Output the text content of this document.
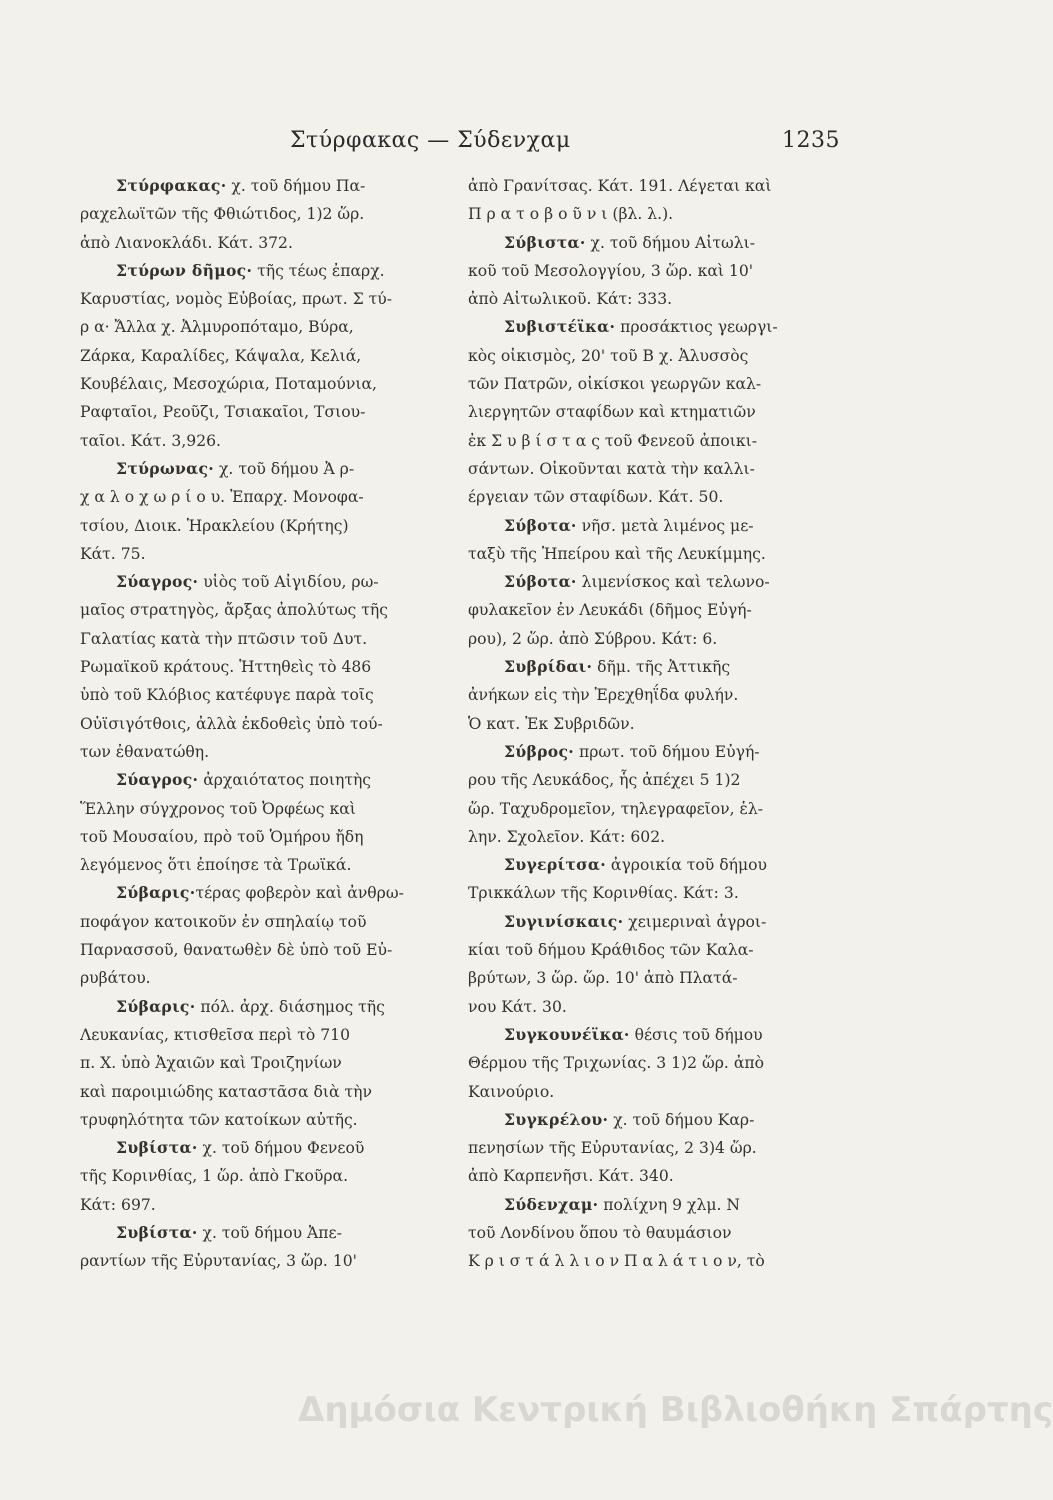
Στύρφακας — Σύδενχαμ	1235
Στύρφακας· χ. τοῦ δήμου Πα-
ραχελωϊτῶν τῆς Φθιώτιδος, 1)2 ὥρ.
ἀπὸ Λιανοκλάδι. Κάτ. 372.
Στύρων δῆμος· τῆς τέως ἐπαρχ.
Καρυστίας, νομὸς Εὐβοίας, πρωτ. Σ τύ-
ρ α· Ἄλλα χ. Ἀλμυροπόταμο, Βύρα,
Ζάρκα, Καραλίδες, Κάψαλα, Κελιά,
Κουβέλαις, Μεσοχώρια, Ποταμούνια,
Ραφταῖοι, Ρεοῦζι, Τσιακαῖοι, Τσιου-
ταῖοι. Κάτ. 3,926.
Στύρωνας· χ. τοῦ δήμου Ἀ ρ-
χ α λ ο χ ω ρ ί ο υ. Ἐπαρχ. Μονοφα-
τσίου, Διοικ. Ἡρακλείου (Κρήτης)
Κάτ. 75.
Σύαγρος· υἱὸς τοῦ Αἰγιδίου, ρω-
μαῖος στρατηγὸς, ἄρξας ἀπολύτως τῆς
Γαλατίας κατὰ τὴν πτῶσιν τοῦ Δυτ.
Ρωμαϊκοῦ κράτους. Ἡττηθεὶς τὸ 486
ὑπὸ τοῦ Κλόβιος κατέφυγε παρὰ τοῖς
Οὐϊσιγότθοις, ἀλλὰ ἐκδοθεὶς ὑπὸ τού-
των ἐθανατώθη.
Σύαγρος· ἀρχαιότατος ποιητὴς
Ἕλλην σύγχρονος τοῦ Ὀρφέως καὶ
τοῦ Μουσαίου, πρὸ τοῦ Ὁμήρου ἤδη
λεγόμενος ὅτι ἐποίησε τὰ Τρωϊκά.
Σύβαρις·τέρας φοβερὸν καὶ ἀνθρω-
ποφάγον κατοικοῦν ἐν σπηλαίῳ τοῦ
Παρνασσοῦ, θανατωθὲν δὲ ὑπὸ τοῦ Εὐ-
ρυβάτου.
Σύβαρις· πόλ. ἀρχ. διάσημος τῆς
Λευκανίας, κτισθεῖσα περὶ τὸ 710
π. Χ. ὑπὸ Ἀχαιῶν καὶ Τροιζηνίων
καὶ παροιμιώδης καταστᾶσα διὰ τὴν
τρυφηλότητα τῶν κατοίκων αὐτῆς.
Συβίστα· χ. τοῦ δήμου Φενεοῦ
τῆς Κορινθίας, 1 ὥρ. ἀπὸ Γκοῦρα.
Κάτ: 697.
Συβίστα· χ. τοῦ δήμου Ἀπε-
ραντίων τῆς Εὐρυτανίας, 3 ὥρ. 10'
ἀπὸ Γρανίτσας. Κάτ. 191. Λέγεται καὶ
Π ρ α τ ο β ο ῦ ν ι (βλ. λ.).
Σύβιστα· χ. τοῦ δήμου Αἰτωλι-
κοῦ τοῦ Μεσολογγίου, 3 ὥρ. καὶ 10'
ἀπὸ Αἰτωλικοῦ. Κάτ: 333.
Συβιστέϊκα· προσάκτιος γεωργι-
κὸς οἰκισμὸς, 20' τοῦ Β χ. Ἀλυσσὸς
τῶν Πατρῶν, οἰκίσκοι γεωργῶν καλ-
λιεργητῶν σταφίδων καὶ κτηματιῶν
ἐκ Σ υ β ί σ τ α ς τοῦ Φενεοῦ ἀποικι-
σάντων. Οἰκοῦνται κατὰ τὴν καλλι-
έργειαν τῶν σταφίδων. Κάτ. 50.
Σύβοτα· νῆσ. μετὰ λιμένος με-
ταξὺ τῆς Ἠπείρου καὶ τῆς Λευκίμμης.
Σύβοτα· λιμενίσκος καὶ τελωνο-
φυλακεῖον ἐν Λευκάδι (δῆμος Εὐγή-
ρου), 2 ὥρ. ἀπὸ Σύβρου. Κάτ: 6.
Συβρίδαι· δῆμ. τῆς Ἀττικῆς
ἀνήκων εἰς τὴν Ἐρεχθηΐδα φυλήν.
Ὁ κατ. Ἐκ Συβριδῶν.
Σύβρος· πρωτ. τοῦ δήμου Εὐγή-
ρου τῆς Λευκάδος, ἧς ἀπέχει 5 1)2
ὥρ. Ταχυδρομεῖον, τηλεγραφεῖον, ἑλ-
λην. Σχολεῖον. Κάτ: 602.
Συγερίτσα· ἀγροικία τοῦ δήμου
Τρικκάλων τῆς Κορινθίας. Κάτ: 3.
Συγινίσκαις· χειμεριναὶ ἀγροι-
κίαι τοῦ δήμου Κράθιδος τῶν Καλα-
βρύτων, 3 ὥρ. ὥρ. 10' ἀπὸ Πλατά-
νου Κάτ. 30.
Συγκουνέϊκα· θέσις τοῦ δήμου
Θέρμου τῆς Τριχωνίας. 3 1)2 ὥρ. ἀπὸ
Καινούριο.
Συγκρέλου· χ. τοῦ δήμου Καρ-
πενησίων τῆς Εὐρυτανίας, 2 3)4 ὥρ.
ἀπὸ Καρπενῆσι. Κάτ. 340.
Σύδενχαμ· πολίχνη 9 χλμ. Ν
τοῦ Λονδίνου ὅπου τὸ θαυμάσιον
Κ ρ ι σ τ ά λ λ ι ο ν Π α λ ά τ ι ο ν, τὸ
Δημόσια Κεντρική Βιβλιοθήκη Σπάρτης
